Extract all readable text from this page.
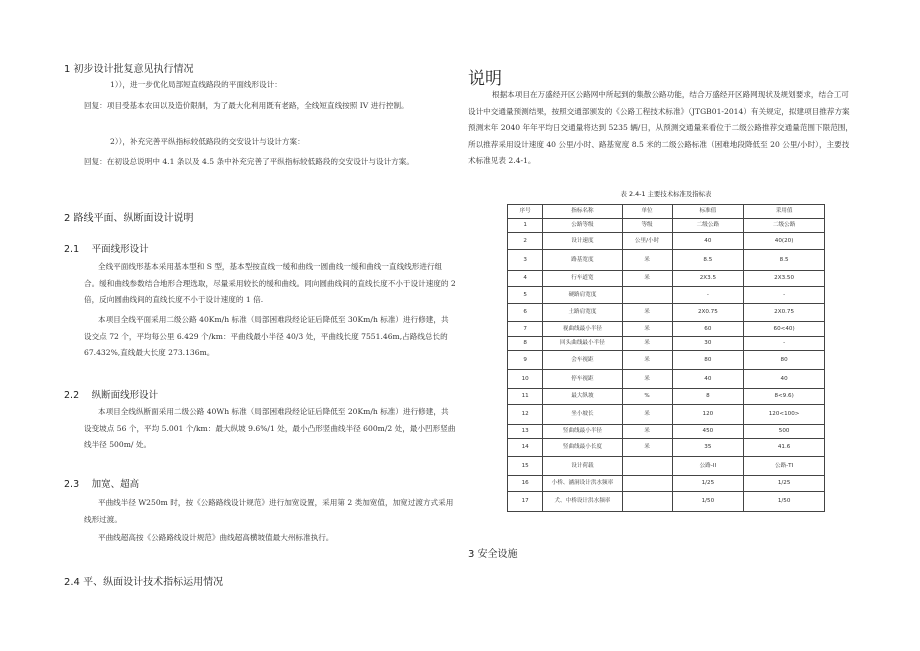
1 初步设计批复意见执行情况
1）），进一步优化局部短直线路段的平面线形设计：
回复：项目受基本农田以及造价限制，为了最大化利用既有老路，全线短直线按照 IV 进行控制。
2）），补充完善平纵指标较低路段的交安设计与设计方案：
回复：在初设总说明中 4.1 条以及 4.5 条中补充完善了平纵指标较低路段的交安设计与设计方案。
2 路线平面、纵断面设计说明
2.1　 平面线形设计
全线平面线形基本采用基本型和 S 型，基本型按直线一缓和曲线一圆曲线一缓和曲线一直线线形进行组合。缓和曲线参数结合地形合理选取，尽量采用较长的缓和曲线。同向圆曲线间的直线长度不小于设计速度的 2 倍，反向圆曲线间的直线长度不小于设计速度的 1 倍.
本项目全线平面采用二级公路 40Km/h 标准（局部困难段经论证后降低至 30Km/h 标准）进行修建，共设交点 72 个，平均每公里 6.429 个/km：平曲线最小半径 40/3 处，平曲线长度 7551.46m,占路线总长的 67.432%,直线最大长度 273.136m。
2.2　 纵断面线形设计
本项目全线纵断面采用二级公路 40Wh 标准（局部困难段经论证后降低至 20Km/h 标准）进行修建，共设变坡点 56 个，平均 5.001 个/km：最大纵坡 9.6%/1 处，最小凸形竖曲线半径 600m/2 处，最小凹形竖曲线半径 500m/ 处。
2.3　 加宽、超高
平曲线半径 W250m 时，按《公路路线设计规范》进行加宽设置，采用第 2 类加宽值，加宽过渡方式采用线形过渡。
平曲线超高按《公路路线设计规范》曲线超高横坡值最大州标准执行。
2.4 平、纵面设计技术指标运用情况
说明
根据本项目在万盛经开区公路网中所起到的集散公路功能，结合万盛经开区路网现状及规划要求，结合工可设计中交通量预测结果，按照交通部颁发的《公路工程技术标准》（JTGB01-2014）有关规定，拟建项目推荐方案预测末年 2040 年年平均日交通量将达到 5235 辆/日，从预测交通量来看位于二级公路推荐交通量范围下限范围，所以推荐采用设计速度 40 公里/小时、路基宽度 8.5 米的二级公路标准（困难地段降低至 20 公里/小时），主要技术标准见表 2.4-1。
表 2.4-1 主要技术标准及指标表
序号	指标名称	单位	标准值	采用值
1	公路等级	等级	二级公路	二级公路
2	设计速度	公里/小时	40	40(20)
3	路基宽度	米	8.5	8.5
4	行车道宽	米	2X3.5	2X3.50
5	硬路肩宽度		-	-
6	土路肩宽度	米	2X0.75	2X0.75
7	视曲线最小半径	米	60	60<40)
8	回头曲线最小半径	米	30	-
9	会车视距	米	80	80
10	停车视距	米	40	40
11	最大纵坡	%	8	8<9.6)
12	坐小坡长	米	120	120<100>
13	竖曲线最小半径	米	450	500
14	竖曲线最小长度	米	35	41.6
15	设计荷载		公路-II	公路-TI
16	小桥、涵洞设计洪水频率		1/25	1/25
17	犬、中桥设计洪水频率		1/50	1/50
3 安全设施
